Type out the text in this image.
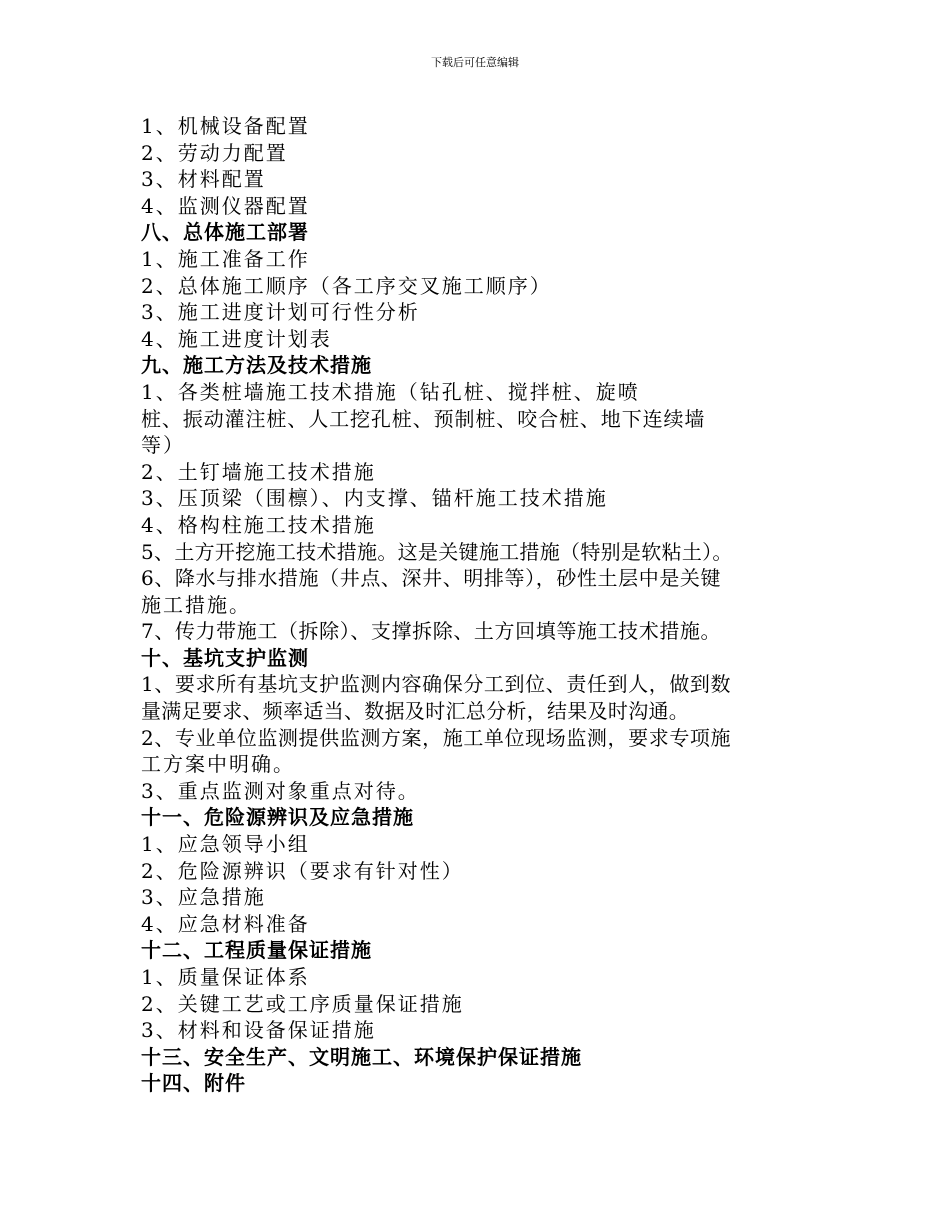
下载后可任意编辑
1、机械设备配置
2、劳动力配置
3、材料配置
4、监测仪器配置
八、总体施工部署
1、施工准备工作
2、总体施工顺序（各工序交叉施工顺序）
3、施工进度计划可行性分析
4、施工进度计划表
九、施工方法及技术措施
1、各类桩墙施工技术措施（钻孔桩、搅拌桩、旋喷
桩、振动灌注桩、人工挖孔桩、预制桩、咬合桩、地下连续墙
等）
2、土钉墙施工技术措施
3、压顶梁（围檩）、内支撑、锚杆施工技术措施
4、格构柱施工技术措施
5、土方开挖施工技术措施。这是关键施工措施（特别是软粘土）。
6、降水与排水措施（井点、深井、明排等），砂性土层中是关键
施工措施。
7、传力带施工（拆除）、支撑拆除、土方回填等施工技术措施。
十、基坑支护监测
1、要求所有基坑支护监测内容确保分工到位、责任到人，做到数
量满足要求、频率适当、数据及时汇总分析，结果及时沟通。
2、专业单位监测提供监测方案，施工单位现场监测，要求专项施
工方案中明确。
3、重点监测对象重点对待。
十一、危险源辨识及应急措施
1、应急领导小组
2、危险源辨识（要求有针对性）
3、应急措施
4、应急材料准备
十二、工程质量保证措施
1、质量保证体系
2、关键工艺或工序质量保证措施
3、材料和设备保证措施
十三、安全生产、文明施工、环境保护保证措施
十四、附件
